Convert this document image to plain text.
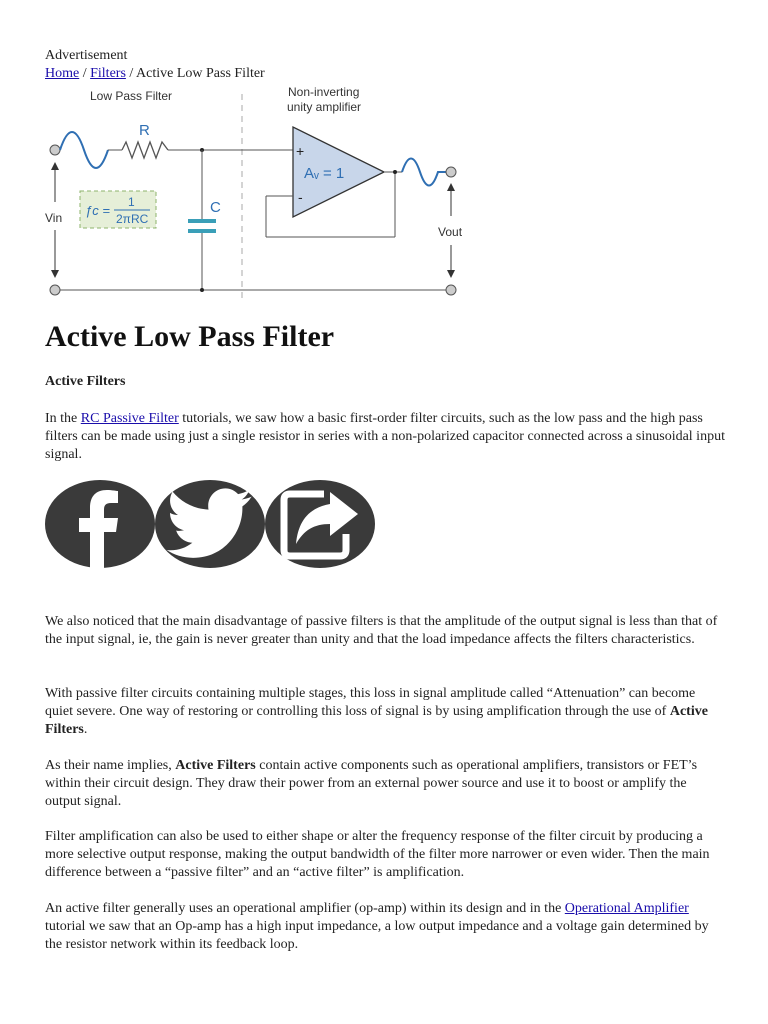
Advertisement
Home / Filters / Active Low Pass Filter
Low Pass Filter	Non-inverting
unity amplifier
R
C
ƒc =
1
2πRC
Vin
+
-
Aᵥ = 1
Vout
Active Low Pass Filter
Active Filters

In the RC Passive Filter tutorials, we saw how a basic first-order filter circuits, such as the low pass and the high pass filters can be made using just a single resistor in series with a non-polarized capacitor connected across a sinusoidal input signal.

We also noticed that the main disadvantage of passive filters is that the amplitude of the output signal is less than that of the input signal, ie, the gain is never greater than unity and that the load impedance affects the filters characteristics.

With passive filter circuits containing multiple stages, this loss in signal amplitude called “Attenuation” can become quiet severe. One way of restoring or controlling this loss of signal is by using amplification through the use of Active Filters.

As their name implies, Active Filters contain active components such as operational amplifiers, transistors or FET’s within their circuit design. They draw their power from an external power source and use it to boost or amplify the output signal.

Filter amplification can also be used to either shape or alter the frequency response of the filter circuit by producing a more selective output response, making the output bandwidth of the filter more narrower or even wider. Then the main difference between a “passive filter” and an “active filter” is amplification.

An active filter generally uses an operational amplifier (op-amp) within its design and in the Operational Amplifier tutorial we saw that an Op-amp has a high input impedance, a low output impedance and a voltage gain determined by the resistor network within its feedback loop.
